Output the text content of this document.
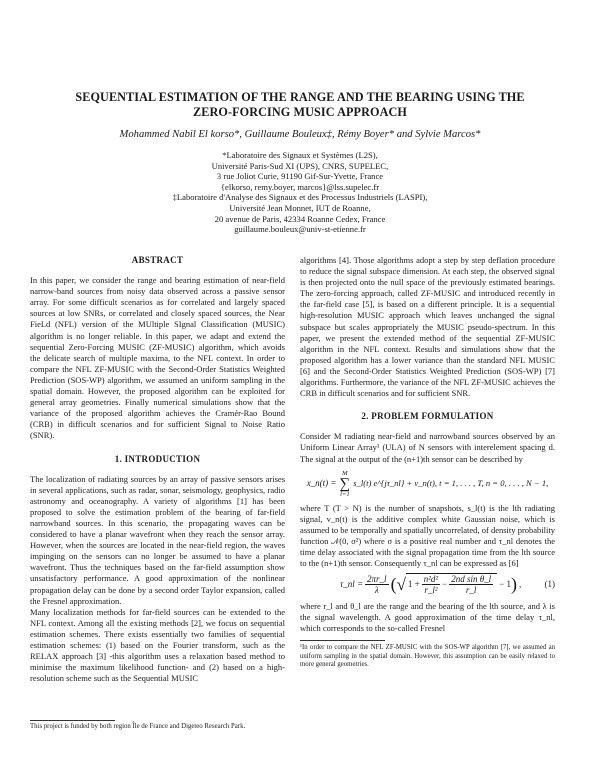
SEQUENTIAL ESTIMATION OF THE RANGE AND THE BEARING USING THE
ZERO-FORCING MUSIC APPROACH
Mohammed Nabil El korso*, Guillaume Bouleux‡, Rémy Boyer* and Sylvie Marcos*
*Laboratoire des Signaux et Systèmes (L2S),
Université Paris-Sud XI (UPS), CNRS, SUPELEC,
3 rue Joliot Curie, 91190 Gif-Sur-Yvette, France
{elkorso, remy.boyer, marcos}@lss.supelec.fr
‡Laboratoire d'Analyse des Signaux et des Processus Industriels (LASPI),
Université Jean Monnet, IUT de Roanne,
20 avenue de Paris, 42334 Roanne Cedex, France
guillaume.bouleux@univ-st-etienne.fr
ABSTRACT

In this paper, we consider the range and bearing estimation of near-field narrow-band sources from noisy data observed across a passive sensor array. For some difficult scenarios as for correlated and largely spaced sources at low SNRs, or correlated and closely spaced sources, the Near FieLd (NFL) version of the MUltiple SIgnal Classification (MUSIC) algorithm is no longer reliable. In this paper, we adapt and extend the sequential Zero-Forcing MUSIC (ZF-MUSIC) algorithm, which avoids the delicate search of multiple maxima, to the NFL context. In order to compare the NFL ZF-MUSIC with the Second-Order Statistics Weighted Prediction (SOS-WP) algorithm, we assumed an uniform sampling in the spatial domain. However, the proposed algorithm can be exploited for general array geometries. Finally numerical simulations show that the variance of the proposed algorithm achieves the Cramér-Rao Bound (CRB) in difficult scenarios and for sufficient Signal to Noise Ratio (SNR).

1. INTRODUCTION

The localization of radiating sources by an array of passive sensors arises in several applications, such as radar, sonar, seismology, geophysics, radio astronomy and oceanography. A variety of algorithms [1] has been proposed to solve the estimation problem of the bearing of far-field narrowband sources. In this scenario, the propagating waves can be considered to have a planar wavefront when they reach the sensor array. However, when the sources are located in the near-field region, the waves impinging on the sensors can no longer be assumed to have a planar wavefront. Thus the techniques based on the far-field assumption show unsatisfactory performance. A good approximation of the nonlinear propagation delay can be done by a second order Taylor expansion, called the Fresnel approximation.

Many localization methods for far-field sources can be extended to the NFL context. Among all the existing methods [2], we focus on sequential estimation schemes. There exists essentially two families of sequential estimation schemes: (1) based on the Fourier transform, such as the RELAX approach [3] -this algorithm uses a relaxation based method to minimise the maximum likelihood function- and (2) based on a high-resolution scheme such as the Sequential MUSIC

This project is funded by both region Île de France and Digeteo Research Park.

algorithms [4]. Those algorithms adopt a step by step deflation procedure to reduce the signal subspace dimension. At each step, the observed signal is then projected onto the null space of the previously estimated bearings. The zero-forcing approach, called ZF-MUSIC and introduced recently in the far-field case [5], is based on a different principle. It is a sequential high-resolution MUSIC approach which leaves unchanged the signal subspace but scales appropriately the MUSIC pseudo-spectrum. In this paper, we present the extended method of the sequential ZF-MUSIC algorithm in the NFL context. Results and simulations show that the proposed algorithm has a lower variance than the standard NFL MUSIC [6] and the Second-Order Statistics Weighted Prediction (SOS-WP) [7] algorithms. Furthermore, the variance of the NFL ZF-MUSIC achieves the CRB in difficult scenarios and for sufficient SNR.

2. PROBLEM FORMULATION

Consider M radiating near-field and narrowband sources observed by an Uniform Linear Array¹ (ULA) of N sensors with interelement spacing d. The signal at the output of the (n+1)th sensor can be described by

x_n(t) =
M
∑
l=1
s_l(t) e^{jτ_nl} + v_n(t), t = 1, . . . , T, n = 0, . . . , N − 1,

where T (T > N) is the number of snapshots, s_l(t) is the lth radiating signal, v_n(t) is the additive complex white Gaussian noise, which is assumed to be temporally and spatially uncorrelated, of density probability function 𝒩(0, σ²) where σ is a positive real number and τ_nl denotes the time delay associated with the signal propagation time from the lth source to the (n+1)th sensor. Consequently τ_nl can be expressed as [6]

τ_nl = $\frac{2\pi r\_l}{\lambda}$ ( √ $1 + \frac{\text{n²d²}}{\text{r\_l²}} - \frac{\text{2nd sin θ\_l}}{r\_l} - 1$ ) ,	(1)

where r_l and θ_l are the range and the bearing of the lth source, and λ is the signal wavelength. A good approximation of the time delay τ_nl, which corresponds to the so-called Fresnel

¹In order to compare the NFL ZF-MUSIC with the SOS-WP algorithm [7], we assumed an uniform sampling in the spatial domain. However, this assumption can be easily relaxed to more general geometries.
